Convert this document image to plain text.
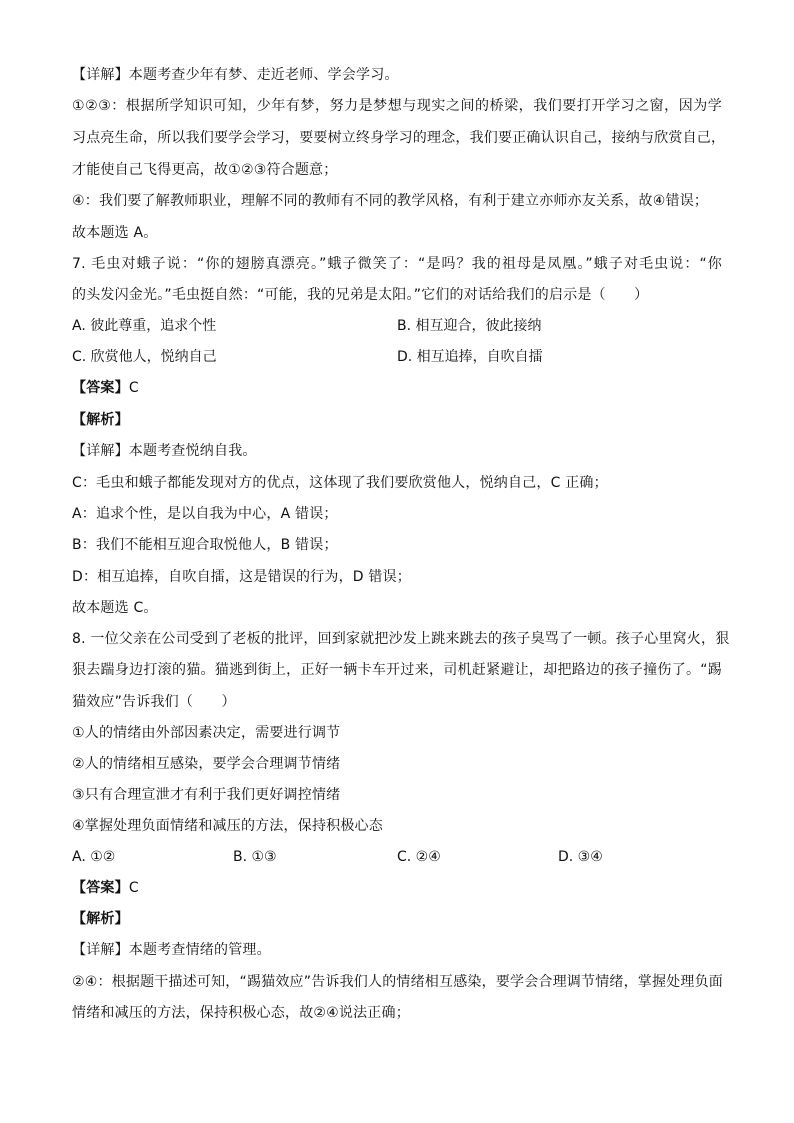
【详解】本题考查少年有梦、走近老师、学会学习。
①②③：根据所学知识可知，少年有梦，努力是梦想与现实之间的桥梁，我们要打开学习之窗，因为学
习点亮生命，所以我们要学会学习，要要树立终身学习的理念，我们要正确认识自己，接纳与欣赏自己，
才能使自己飞得更高，故①②③符合题意；
④：我们要了解教师职业，理解不同的教师有不同的教学风格，有利于建立亦师亦友关系，故④错误；
故本题选 A。
7. 毛虫对蛾子说：“你的翅膀真漂亮。”蛾子微笑了：“是吗？我的祖母是凤凰。”蛾子对毛虫说：“你
的头发闪金光。”毛虫挺自然：“可能，我的兄弟是太阳。”它们的对话给我们的启示是（　　）
A. 彼此尊重，追求个性	B. 相互迎合，彼此接纳
C. 欣赏他人，悦纳自己	D. 相互追捧，自吹自擂
【答案】C
【解析】
【详解】本题考查悦纳自我。
C：毛虫和蛾子都能发现对方的优点，这体现了我们要欣赏他人，悦纳自己，C 正确；
A：追求个性，是以自我为中心，A 错误；
B：我们不能相互迎合取悦他人，B 错误；
D：相互追捧，自吹自擂，这是错误的行为，D 错误；
故本题选 C。
8. 一位父亲在公司受到了老板的批评，回到家就把沙发上跳来跳去的孩子臭骂了一顿。孩子心里窝火，狠
狠去踹身边打滚的猫。猫逃到街上，正好一辆卡车开过来，司机赶紧避让，却把路边的孩子撞伤了。“踢
猫效应”告诉我们（　　）
①人的情绪由外部因素决定，需要进行调节
②人的情绪相互感染，要学会合理调节情绪
③只有合理宣泄才有利于我们更好调控情绪
④掌握处理负面情绪和减压的方法，保持积极心态
A. ①②	B. ①③	C. ②④	D. ③④
【答案】C
【解析】
【详解】本题考查情绪的管理。
②④：根据题干描述可知，“踢猫效应”告诉我们人的情绪相互感染，要学会合理调节情绪，掌握处理负面
情绪和减压的方法，保持积极心态，故②④说法正确；
